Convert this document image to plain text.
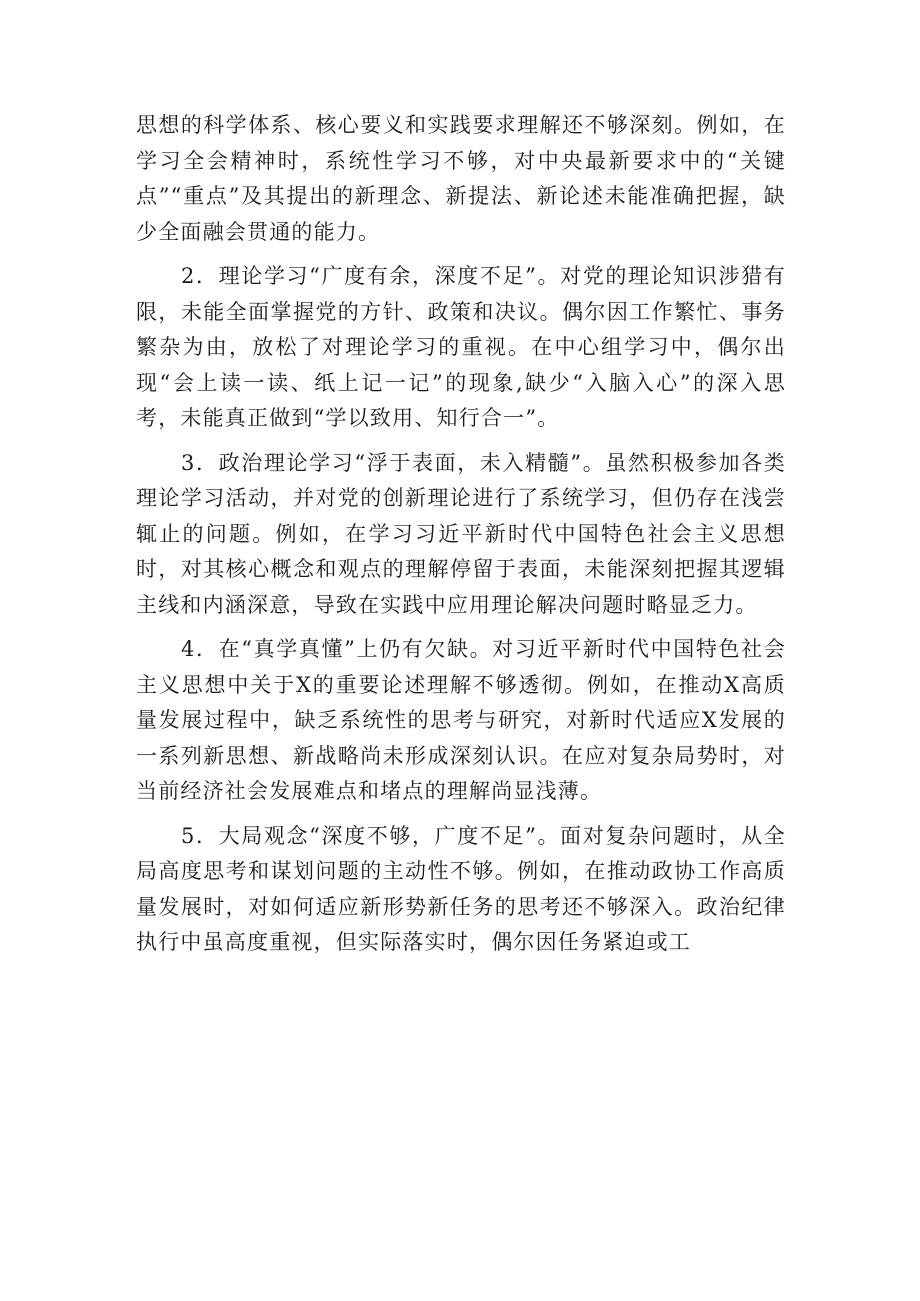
思想的科学体系、核心要义和实践要求理解还不够深刻。例如，在学习全会精神时，系统性学习不够，对中央最新要求中的“关键点”“重点”及其提出的新理念、新提法、新论述未能准确把握，缺少全面融会贯通的能力。

2．理论学习“广度有余，深度不足”。对党的理论知识涉猎有限，未能全面掌握党的方针、政策和决议。偶尔因工作繁忙、事务繁杂为由，放松了对理论学习的重视。在中心组学习中，偶尔出现“会上读一读、纸上记一记”的现象,缺少“入脑入心”的深入思考，未能真正做到“学以致用、知行合一”。

3．政治理论学习“浮于表面，未入精髓”。虽然积极参加各类理论学习活动，并对党的创新理论进行了系统学习，但仍存在浅尝辄止的问题。例如，在学习习近平新时代中国特色社会主义思想时，对其核心概念和观点的理解停留于表面，未能深刻把握其逻辑主线和内涵深意，导致在实践中应用理论解决问题时略显乏力。

4．在“真学真懂”上仍有欠缺。对习近平新时代中国特色社会主义思想中关于X的重要论述理解不够透彻。例如，在推动X高质量发展过程中，缺乏系统性的思考与研究，对新时代适应X发展的一系列新思想、新战略尚未形成深刻认识。在应对复杂局势时，对当前经济社会发展难点和堵点的理解尚显浅薄。

5．大局观念“深度不够，广度不足”。面对复杂问题时，从全局高度思考和谋划问题的主动性不够。例如，在推动政协工作高质量发展时，对如何适应新形势新任务的思考还不够深入。政治纪律执行中虽高度重视，但实际落实时，偶尔因任务紧迫或工
